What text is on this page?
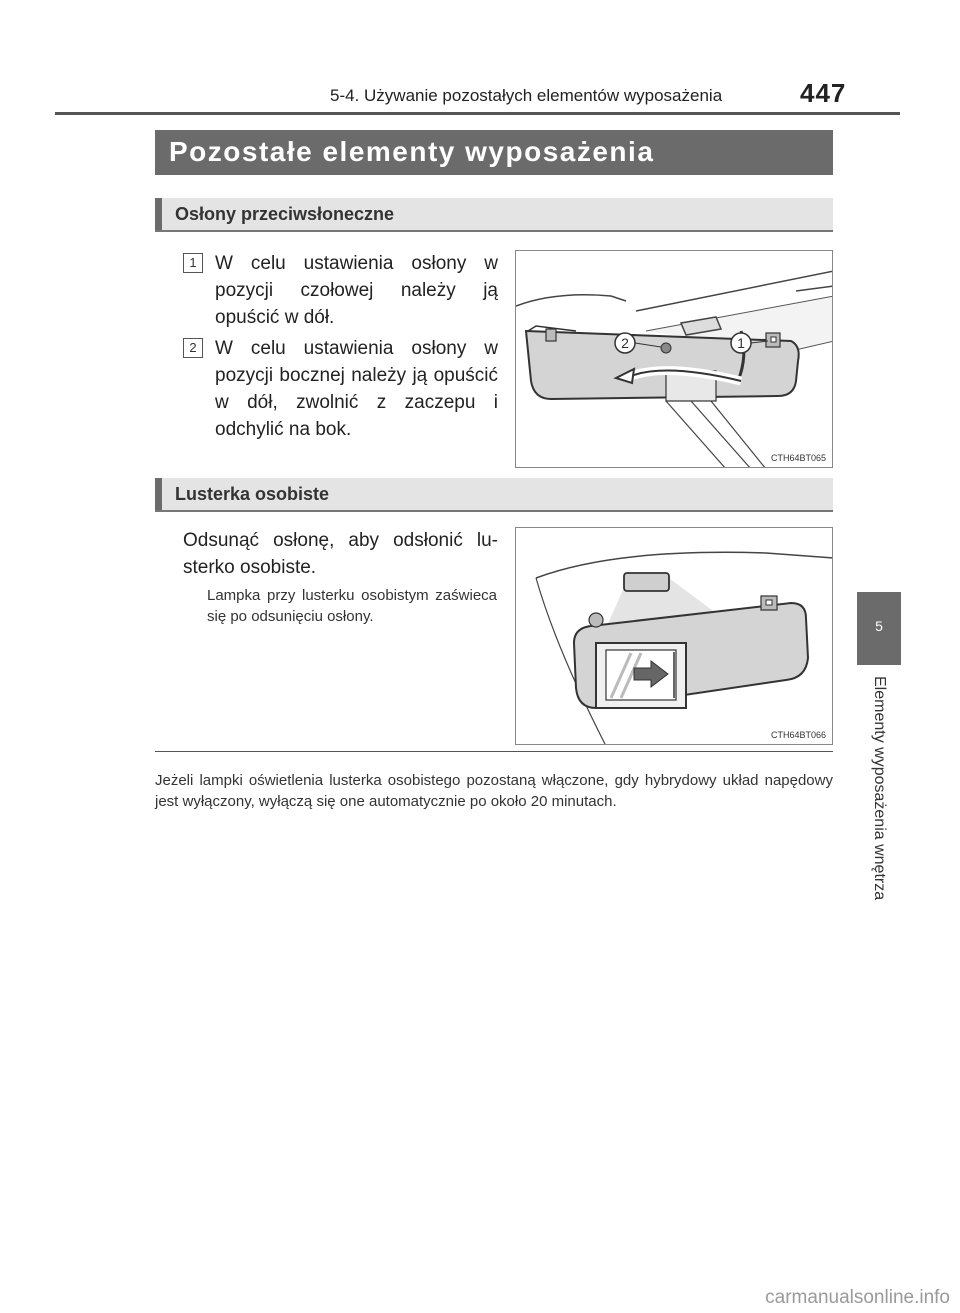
5-4. Używanie pozostałych elementów wyposażenia	447
Pozostałe elementy wyposażenia
Osłony przeciwsłoneczne
1 W celu ustawienia osłony w pozycji czołowej należy ją opuścić w dół.
2 W celu ustawienia osłony w pozycji bocznej należy ją opuścić w dół, zwolnić z zaczepu i odchylić na bok.
2	1
CTH64BT065
Lusterka osobiste
Odsunąć osłonę, aby odsłonić lusterko osobiste.
Lampka przy lusterku osobistym zaświeca się po odsunięciu osłony.
CTH64BT066
Jeżeli lampki oświetlenia lusterka osobistego pozostaną włączone, gdy hybrydowy układ napędowy jest wyłączony, wyłączą się one automatycznie po około 20 minutach.
5
Elementy wyposażenia wnętrza
carmanualsonline.info
